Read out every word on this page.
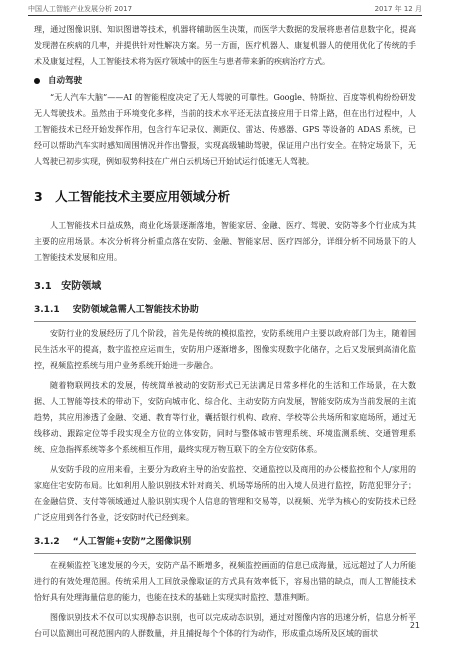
中国人工智能产业发展分析 2017	2017 年 12 月

理，通过图像识别、知识图谱等技术，机器将辅助医生决策，而医学大数据的发展将患者信息数字化，提高发现潜在疾病的几率，并提供针对性解决方案。另一方面，医疗机器人、康复机器人的使用优化了传统的手术及康复过程，人工智能技术将为医疗领域中的医生与患者带来新的疾病治疗方式。

自动驾驶

“无人汽车大脑”——AI 的智能程度决定了无人驾驶的可靠性。Google、特斯拉、百度等机构纷纷研发无人驾驶技术。虽然由于环境变化多样，当前的技术水平还无法直接应用于日常上路，但在出行过程中，人工智能技术已经开始发挥作用，包含行车记录仪、测距仪、雷达、传感器、GPS 等设备的 ADAS 系统，已经可以帮助汽车实时感知周围情况并作出警报，实现高级辅助驾驶，保证用户出行安全。在特定场景下，无人驾驶已初步实现，例如驭势科技在广州白云机场已开始试运行低速无人驾驶。

3 人工智能技术主要应用领域分析

人工智能技术日益成熟，商业化场景逐渐落地，智能家居、金融、医疗、驾驶、安防等多个行业成为其主要的应用场景。本次分析将分析重点落在安防、金融、智能家居、医疗四部分，详细分析不同场景下的人工智能技术发展和应用。

3.1 安防领域
3.1.1 安防领域急需人工智能技术协助

安防行业的发展经历了几个阶段，首先是传统的模拟监控，安防系统用户主要以政府部门为主，随着国民生活水平的提高，数字监控应运而生，安防用户逐渐增多，图像实现数字化储存，之后又发展到高清化监控，视频监控系统与用户业务系统开始进一步融合。

随着物联网技术的发展，传统简单被动的安防形式已无法满足日常多样化的生活和工作场景，在大数据、人工智能等技术的带动下，安防向城市化、综合化、主动安防方向发展，智能安防成为当前发展的主流趋势，其应用渗透了金融、交通、教育等行业，囊括银行机构、政府、学校等公共场所和家庭场所，通过无线移动、跟踪定位等手段实现全方位的立体安防，同时与整体城市管理系统、环境监测系统、交通管理系统、应急指挥系统等多个系统相互作用，最终实现万物互联下的全方位安防体系。

从安防手段的应用来看，主要分为政府主导的治安监控、交通监控以及商用的办公楼监控和个人/家用的家庭住宅安防布局。比如利用人脸识别技术针对商关、机场等场所的出入境人员进行监控，防范犯罪分子；在金融信贷、支付等领域通过人脸识别实现个人信息的管理和交易等，以视频、光学为核心的安防技术已经广泛应用到各行各业，泛安防时代已经到来。

3.1.2 “人工智能+安防”之图像识别

在视频监控飞速发展的今天，安防产品不断增多，视频监控画面的信息已成海量，远远超过了人力所能进行的有效处理范围。传统采用人工回放录像取证的方式具有效率低下，容易出错的缺点，而人工智能技术恰好具有处理海量信息的能力，也能在技术的基础上实现实时监控、慧准判断。

图像识别技术不仅可以实现静态识别，也可以完成动态识别，通过对图像内容的迅速分析，信息分析平台可以监测出可视范围内的人群数量，并且捕捉每个个体的行为动作，形成重点场所及区域的面状

21
